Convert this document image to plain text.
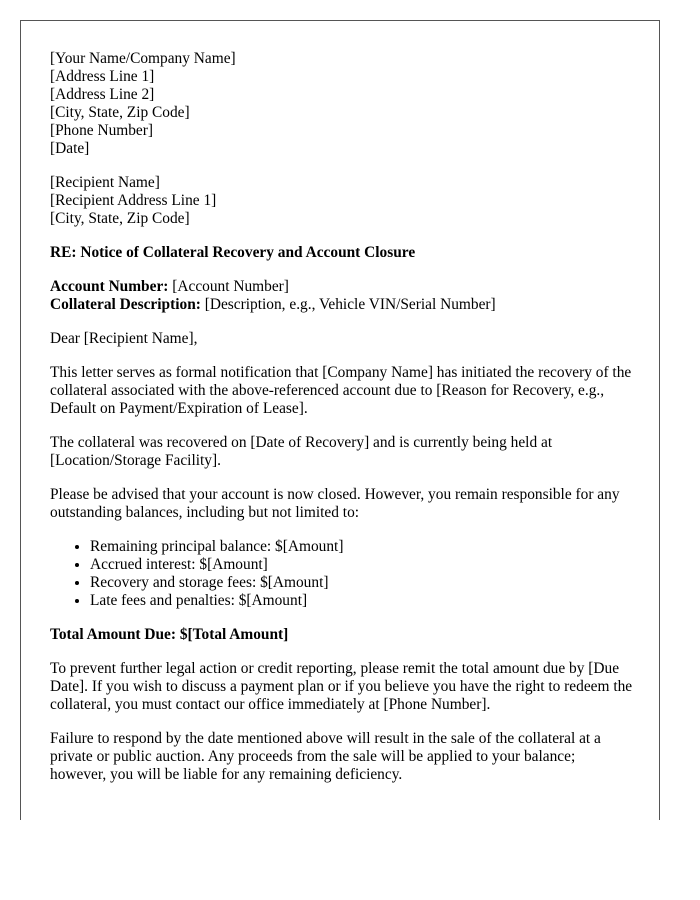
[Your Name/Company Name]
[Address Line 1]
[Address Line 2]
[City, State, Zip Code]
[Phone Number]
[Date]
[Recipient Name]
[Recipient Address Line 1]
[City, State, Zip Code]

RE: Notice of Collateral Recovery and Account Closure

Account Number: [Account Number]
Collateral Description: [Description, e.g., Vehicle VIN/Serial Number]

Dear [Recipient Name],

This letter serves as formal notification that [Company Name] has initiated the recovery of the collateral associated with the above-referenced account due to [Reason for Recovery, e.g., Default on Payment/Expiration of Lease].

The collateral was recovered on [Date of Recovery] and is currently being held at [Location/Storage Facility].

Please be advised that your account is now closed. However, you remain responsible for any outstanding balances, including but not limited to:

• Remaining principal balance: $[Amount]
• Accrued interest: $[Amount]
• Recovery and storage fees: $[Amount]
• Late fees and penalties: $[Amount]

Total Amount Due: $[Total Amount]

To prevent further legal action or credit reporting, please remit the total amount due by [Due Date]. If you wish to discuss a payment plan or if you believe you have the right to redeem the collateral, you must contact our office immediately at [Phone Number].

Failure to respond by the date mentioned above will result in the sale of the collateral at a private or public auction. Any proceeds from the sale will be applied to your balance; however, you will be liable for any remaining deficiency.
